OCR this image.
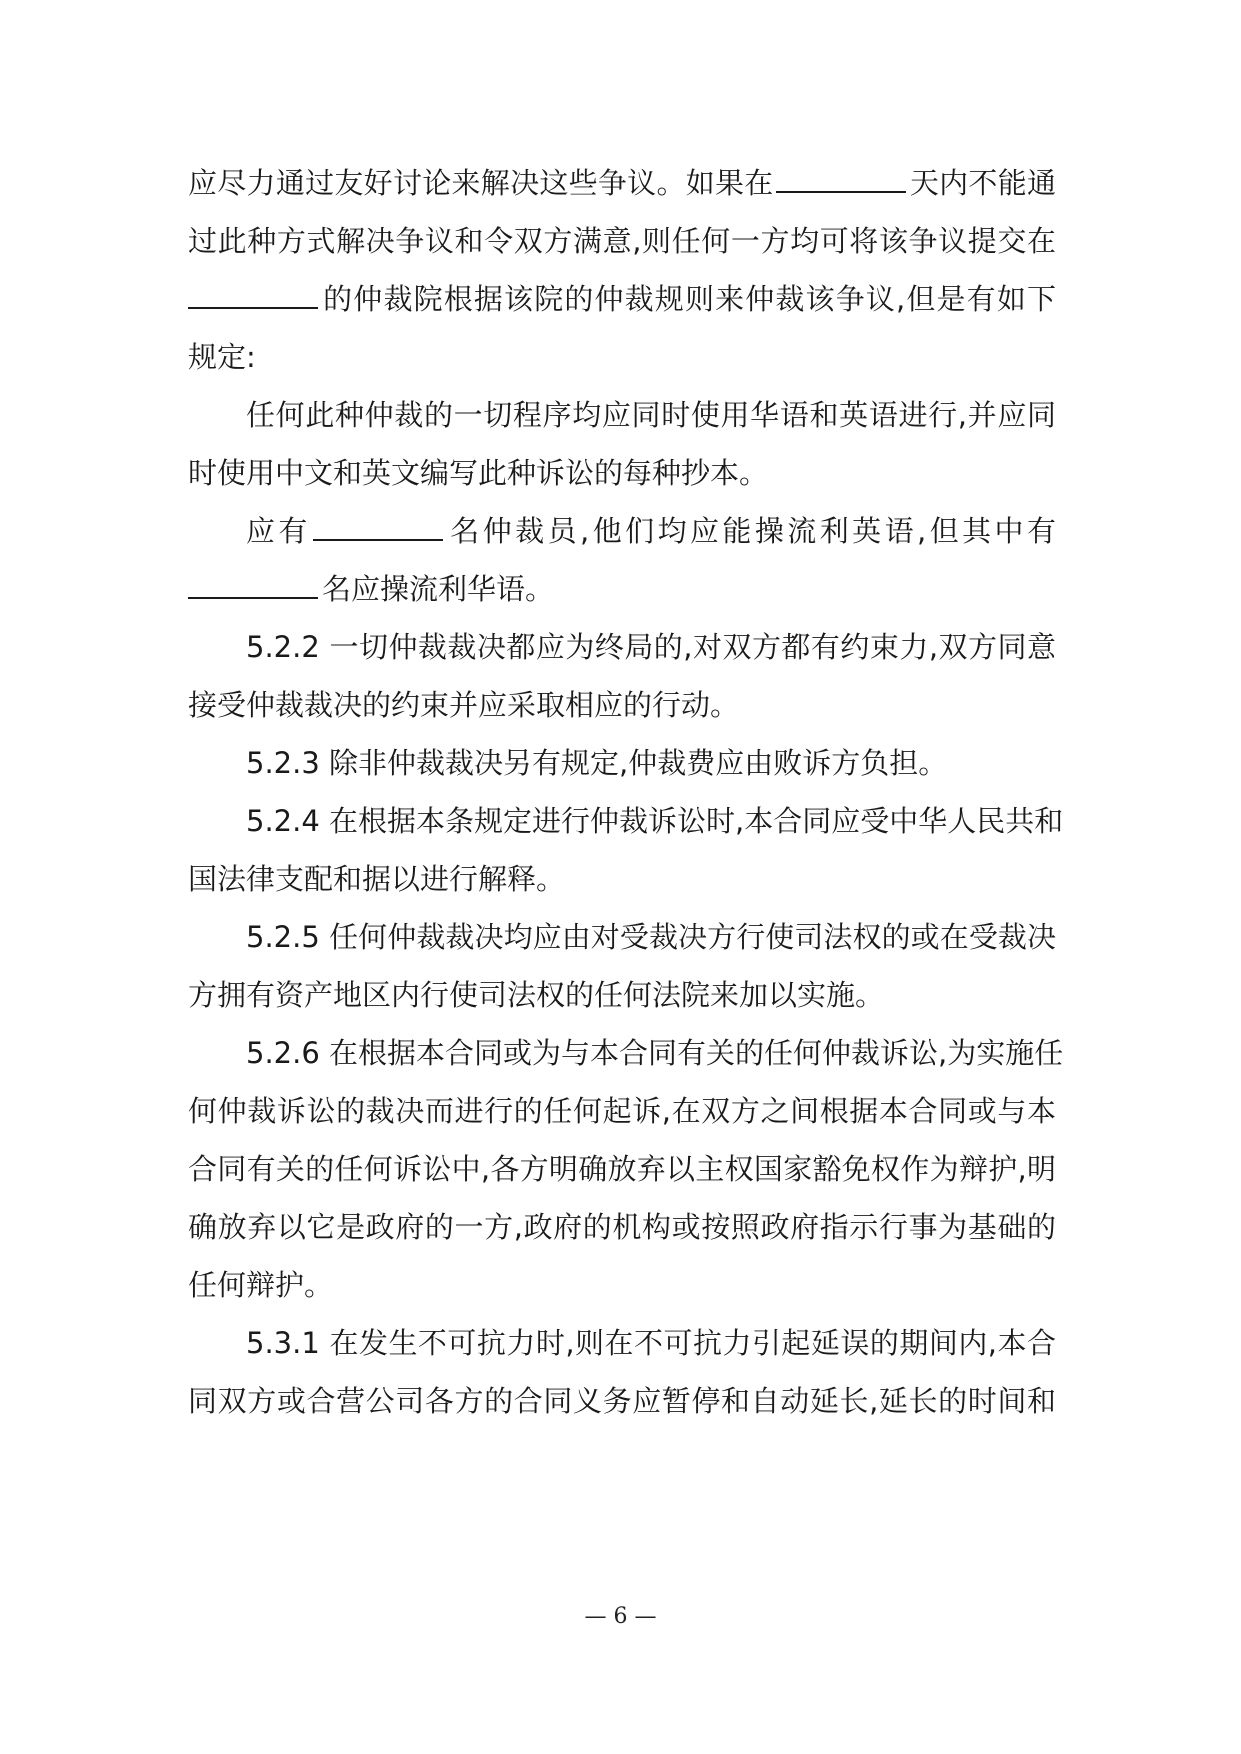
应尽力通过友好讨论来解决这些争议。如果在	天内不能通
过此种方式解决争议和令双方满意,则任何一方均可将该争议提交在
的仲裁院根据该院的仲裁规则来仲裁该争议,但是有如下
规定:
任何此种仲裁的一切程序均应同时使用华语和英语进行,并应同
时使用中文和英文编写此种诉讼的每种抄本。
应有	名仲裁员,他们均应能操流利英语,但其中有
名应操流利华语。
5.2.2 一切仲裁裁决都应为终局的,对双方都有约束力,双方同意
接受仲裁裁决的约束并应采取相应的行动。
5.2.3 除非仲裁裁决另有规定,仲裁费应由败诉方负担。
5.2.4 在根据本条规定进行仲裁诉讼时,本合同应受中华人民共和
国法律支配和据以进行解释。
5.2.5 任何仲裁裁决均应由对受裁决方行使司法权的或在受裁决
方拥有资产地区内行使司法权的任何法院来加以实施。
5.2.6 在根据本合同或为与本合同有关的任何仲裁诉讼,为实施任
何仲裁诉讼的裁决而进行的任何起诉,在双方之间根据本合同或与本
合同有关的任何诉讼中,各方明确放弃以主权国家豁免权作为辩护,明
确放弃以它是政府的一方,政府的机构或按照政府指示行事为基础的
任何辩护。
5.3.1 在发生不可抗力时,则在不可抗力引起延误的期间内,本合
同双方或合营公司各方的合同义务应暂停和自动延长,延长的时间和
— 6 —
